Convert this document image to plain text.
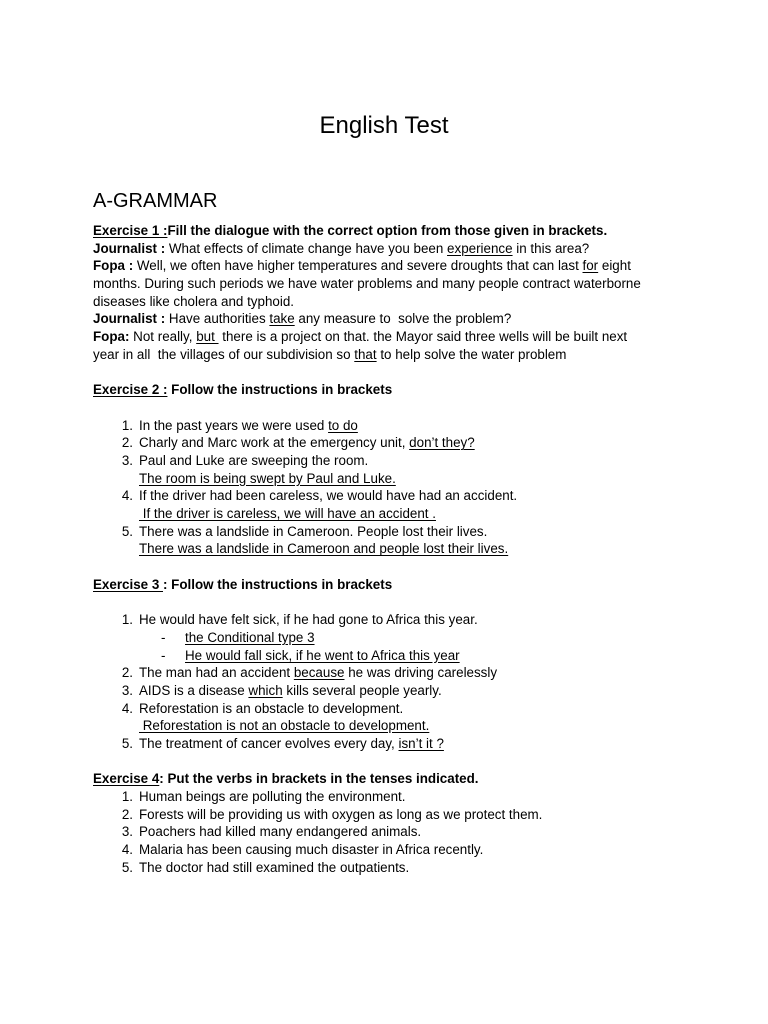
English Test
A-GRAMMAR
Exercise 1 :Fill the dialogue with the correct option from those given in brackets.
Journalist : What effects of climate change have you been experience in this area?
Fopa : Well, we often have higher temperatures and severe droughts that can last for eight
months. During such periods we have water problems and many people contract waterborne
diseases like cholera and typhoid.
Journalist : Have authorities take any measure to  solve the problem?
Fopa: Not really, but  there is a project on that. the Mayor said three wells will be built next
year in all  the villages of our subdivision so that to help solve the water problem
Exercise 2 : Follow the instructions in brackets
1. In the past years we were used to do
2. Charly and Marc work at the emergency unit, don’t they?
3. Paul and Luke are sweeping the room.
The room is being swept by Paul and Luke.
4. If the driver had been careless, we would have had an accident.
If the driver is careless, we will have an accident .
5. There was a landslide in Cameroon. People lost their lives.
There was a landslide in Cameroon and people lost their lives.
Exercise 3 : Follow the instructions in brackets
1. He would have felt sick, if he had gone to Africa this year.
- the Conditional type 3
- He would fall sick, if he went to Africa this year
2. The man had an accident because he was driving carelessly
3. AIDS is a disease which kills several people yearly.
4. Reforestation is an obstacle to development.
Reforestation is not an obstacle to development.
5. The treatment of cancer evolves every day, isn’t it ?
Exercise 4: Put the verbs in brackets in the tenses indicated.
1. Human beings are polluting the environment.
2. Forests will be providing us with oxygen as long as we protect them.
3. Poachers had killed many endangered animals.
4. Malaria has been causing much disaster in Africa recently.
5. The doctor had still examined the outpatients.
